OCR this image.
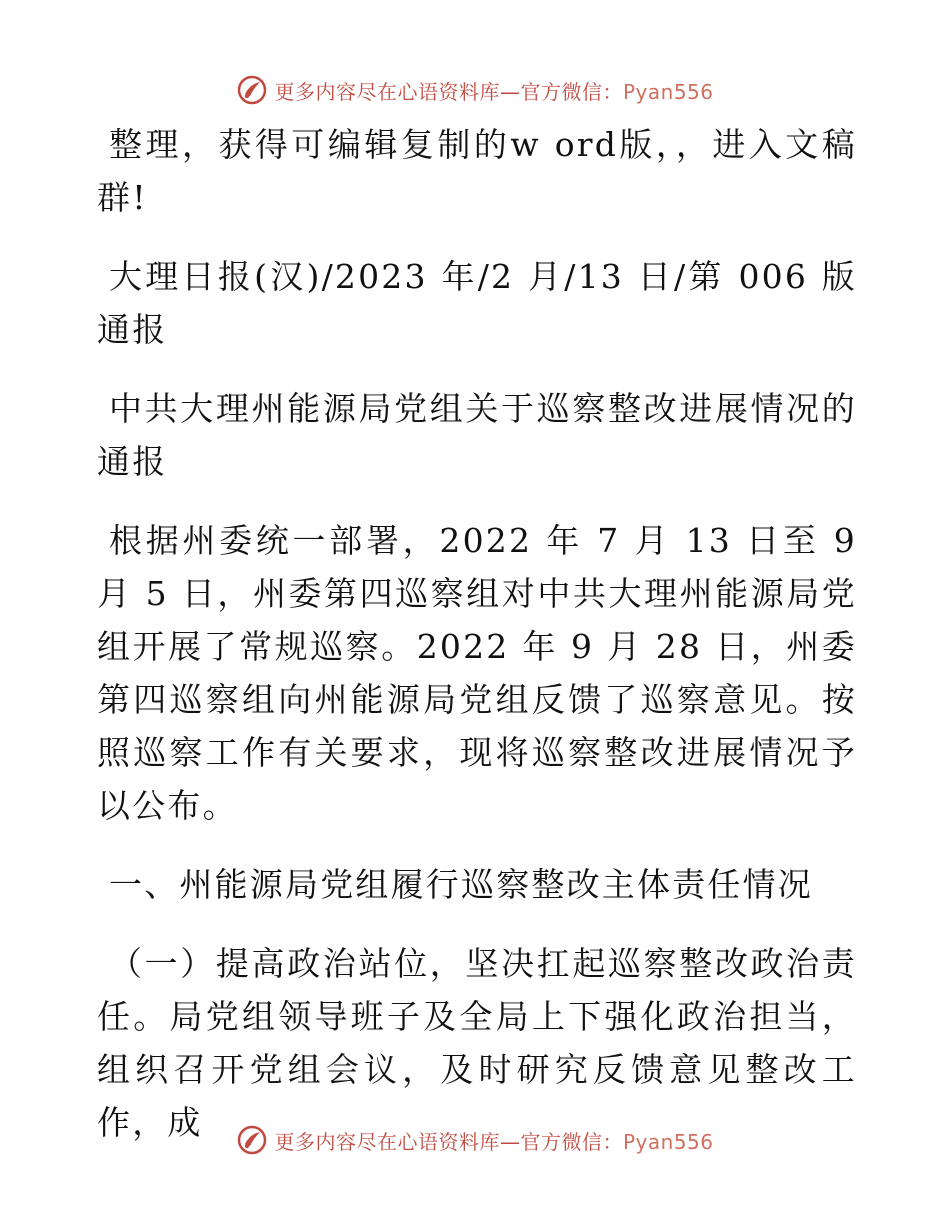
更多内容尽在心语资料库—官方微信：Pyan556

整理，获得可编辑复制的w ord版，，进入文稿群!

大理日报(汉)/2023 年/2 月/13 日/第 006 版通报

中共大理州能源局党组关于巡察整改进展情况的通报

根据州委统一部署，2022 年 7 月 13 日至 9 月 5 日，州委第四巡察组对中共大理州能源局党组开展了常规巡察。2022 年 9 月 28 日，州委第四巡察组向州能源局党组反馈了巡察意见。按照巡察工作有关要求，现将巡察整改进展情况予以公布。

一、州能源局党组履行巡察整改主体责任情况

（一）提高政治站位，坚决扛起巡察整改政治责任。局党组领导班子及全局上下强化政治担当，组织召开党组会议，及时研究反馈意见整改工作，成	更多内容尽在心语资料库—官方微信：Pyan556
